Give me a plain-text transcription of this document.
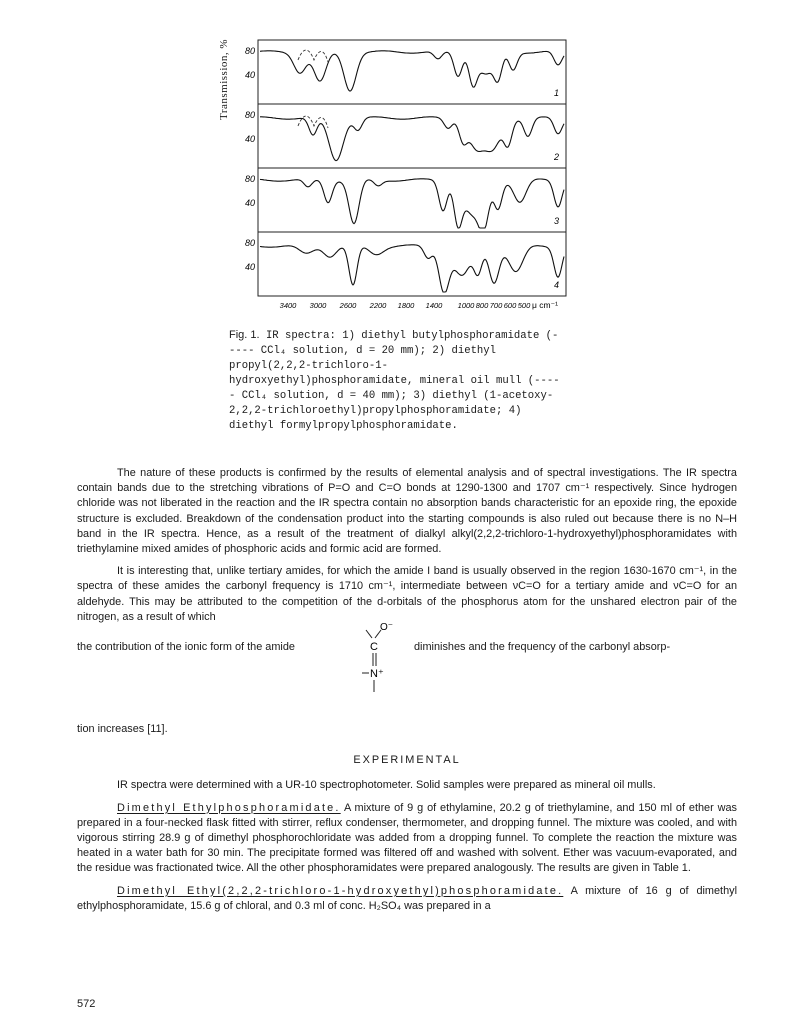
80
40
1
80
40
2
80
40
3
80
40
4
3400 3000 2600 2200 1800 1400 1000 800 700 600 500 μ cm⁻¹
Transmission, %
Fig. 1. IR spectra: 1) diethyl butylphosphoramidate (----- CCl₄ solution, d = 20 mm); 2) diethyl propyl(2,2,2-trichloro-1-hydroxyethyl)phosphoramidate, mineral oil mull (----- CCl₄ solution, d = 40 mm); 3) diethyl (1-acetoxy-2,2,2-trichloroethyl)propylphosphoramidate; 4) diethyl formylpropylphosphoramidate.

The nature of these products is confirmed by the results of elemental analysis and of spectral investigations. The IR spectra contain bands due to the stretching vibrations of P=O and C=O bonds at 1290-1300 and 1707 cm⁻¹ respectively. Since hydrogen chloride was not liberated in the reaction and the IR spectra contain no absorption bands characteristic for an epoxide ring, the epoxide structure is excluded. Breakdown of the condensation product into the starting compounds is also ruled out because there is no N–H band in the IR spectra. Hence, as a result of the treatment of dialkyl alkyl(2,2,2-trichloro-1-hydroxyethyl)phosphoramidates with triethylamine mixed amides of phosphoric acids and formic acid are formed.

It is interesting that, unlike tertiary amides, for which the amide I band is usually observed in the region 1630-1670 cm⁻¹, in the spectra of these amides the carbonyl frequency is 1710 cm⁻¹, intermediate between νC=O for a tertiary amide and νC=O for an aldehyde. This may be attributed to the competition of the d-orbitals of the phosphorus atom for the unshared electron pair of the nitrogen, as a result of which

the contribution of the ionic form of the amide	diminishes and the frequency of the carbonyl absorp-
O⁻
C
N⁺

tion increases [11].

EXPERIMENTAL

IR spectra were determined with a UR-10 spectrophotometer. Solid samples were prepared as mineral oil mulls.

Dimethyl Ethylphosphoramidate. A mixture of 9 g of ethylamine, 20.2 g of triethylamine, and 150 ml of ether was prepared in a four-necked flask fitted with stirrer, reflux condenser, thermometer, and dropping funnel. The mixture was cooled, and with vigorous stirring 28.9 g of dimethyl phosphorochloridate was added from a dropping funnel. To complete the reaction the mixture was heated in a water bath for 30 min. The precipitate formed was filtered off and washed with solvent. Ether was vacuum-evaporated, and the residue was fractionated twice. All the other phosphoramidates were prepared analogously. The results are given in Table 1.

Dimethyl Ethyl(2,2,2-trichloro-1-hydroxyethyl)phosphoramidate. A mixture of 16 g of dimethyl ethylphosphoramidate, 15.6 g of chloral, and 0.3 ml of conc. H₂SO₄ was prepared in a

572
